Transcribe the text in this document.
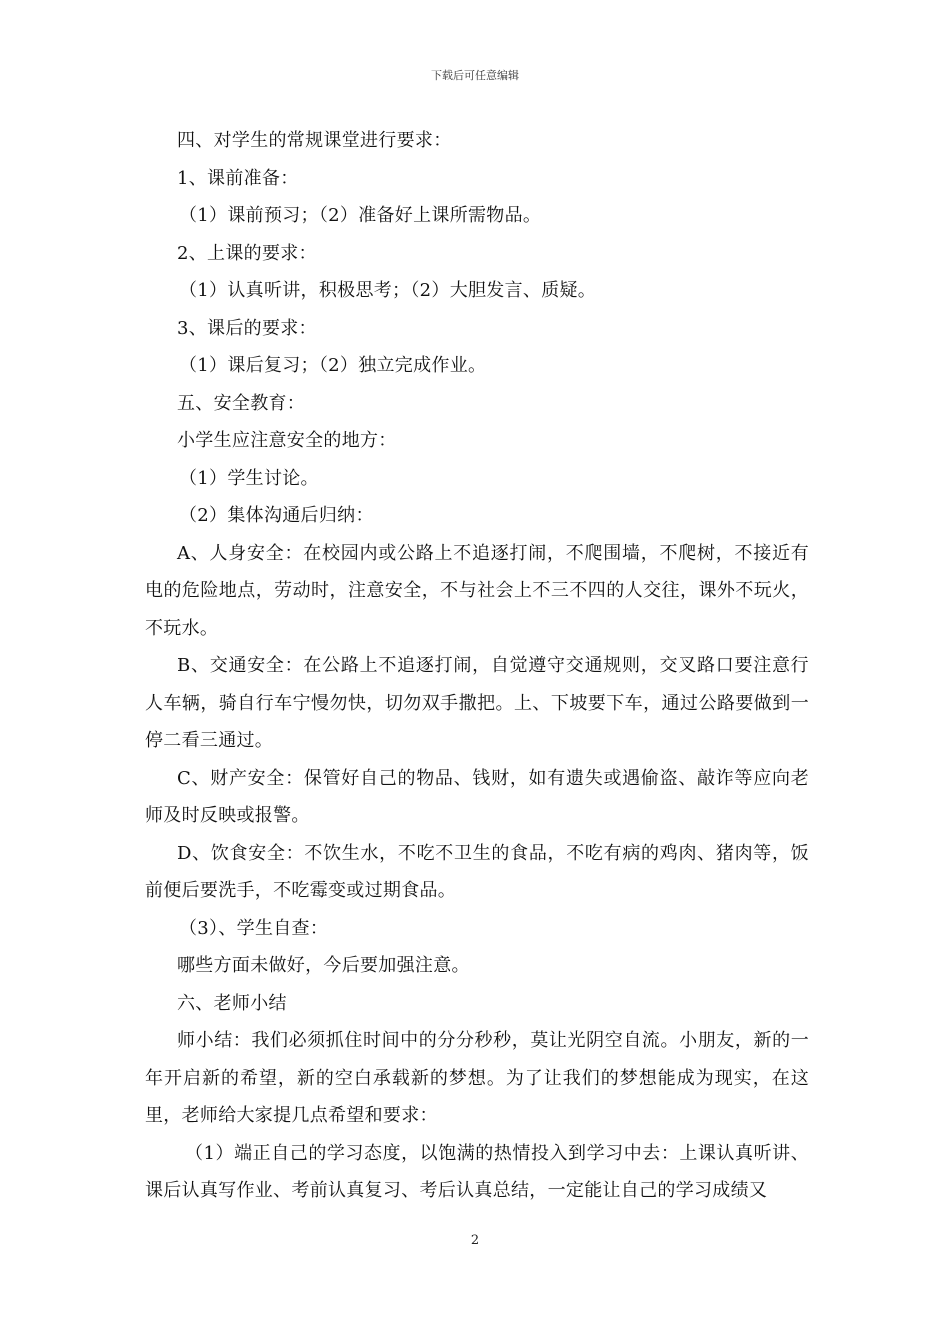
下载后可任意编辑

四、对学生的常规课堂进行要求：

1、课前准备：

（1）课前预习；（2）准备好上课所需物品。

2、上课的要求：

（1）认真听讲，积极思考；（2）大胆发言、质疑。

3、课后的要求：

（1）课后复习；（2）独立完成作业。

五、安全教育：

小学生应注意安全的地方：

（1）学生讨论。

（2）集体沟通后归纳：

A、人身安全：在校园内或公路上不追逐打闹，不爬围墙，不爬树，不接近有电的危险地点，劳动时，注意安全，不与社会上不三不四的人交往，课外不玩火，不玩水。

B、交通安全：在公路上不追逐打闹，自觉遵守交通规则，交叉路口要注意行人车辆，骑自行车宁慢勿快，切勿双手撒把。上、下坡要下车，通过公路要做到一停二看三通过。

C、财产安全：保管好自己的物品、钱财，如有遗失或遇偷盗、敲诈等应向老师及时反映或报警。

D、饮食安全：不饮生水，不吃不卫生的食品，不吃有病的鸡肉、猪肉等，饭前便后要洗手，不吃霉变或过期食品。

（3）、学生自查：

哪些方面未做好，今后要加强注意。

六、老师小结

师小结：我们必须抓住时间中的分分秒秒，莫让光阴空自流。小朋友，新的一年开启新的希望，新的空白承载新的梦想。为了让我们的梦想能成为现实，在这里，老师给大家提几点希望和要求：

（1）端正自己的学习态度，以饱满的热情投入到学习中去：上课认真听讲、课后认真写作业、考前认真复习、考后认真总结，一定能让自己的学习成绩又

2
